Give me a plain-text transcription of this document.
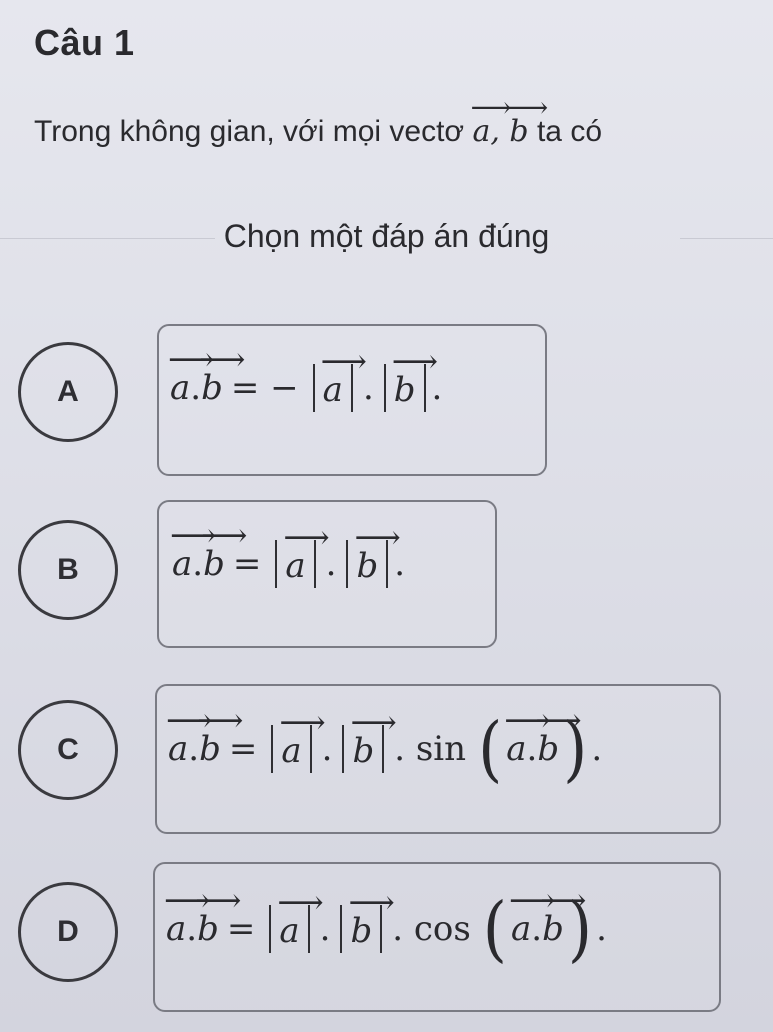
Câu 1
Trong không gian, với mọi vectơ ⟶ a, ⟶ b ta có
Chọn một đáp án đúng
A	⟶ a . ⟶ b = − ⟶ a . ⟶ b .
B	⟶ a . ⟶ b = ⟶ a . ⟶ b .
C	⟶ a . ⟶ b = ⟶ a . ⟶ b . sin ( ⟶ a . ⟶ b ) .
D	⟶ a . ⟶ b = ⟶ a . ⟶ b . cos ( ⟶ a . ⟶ b ) .
